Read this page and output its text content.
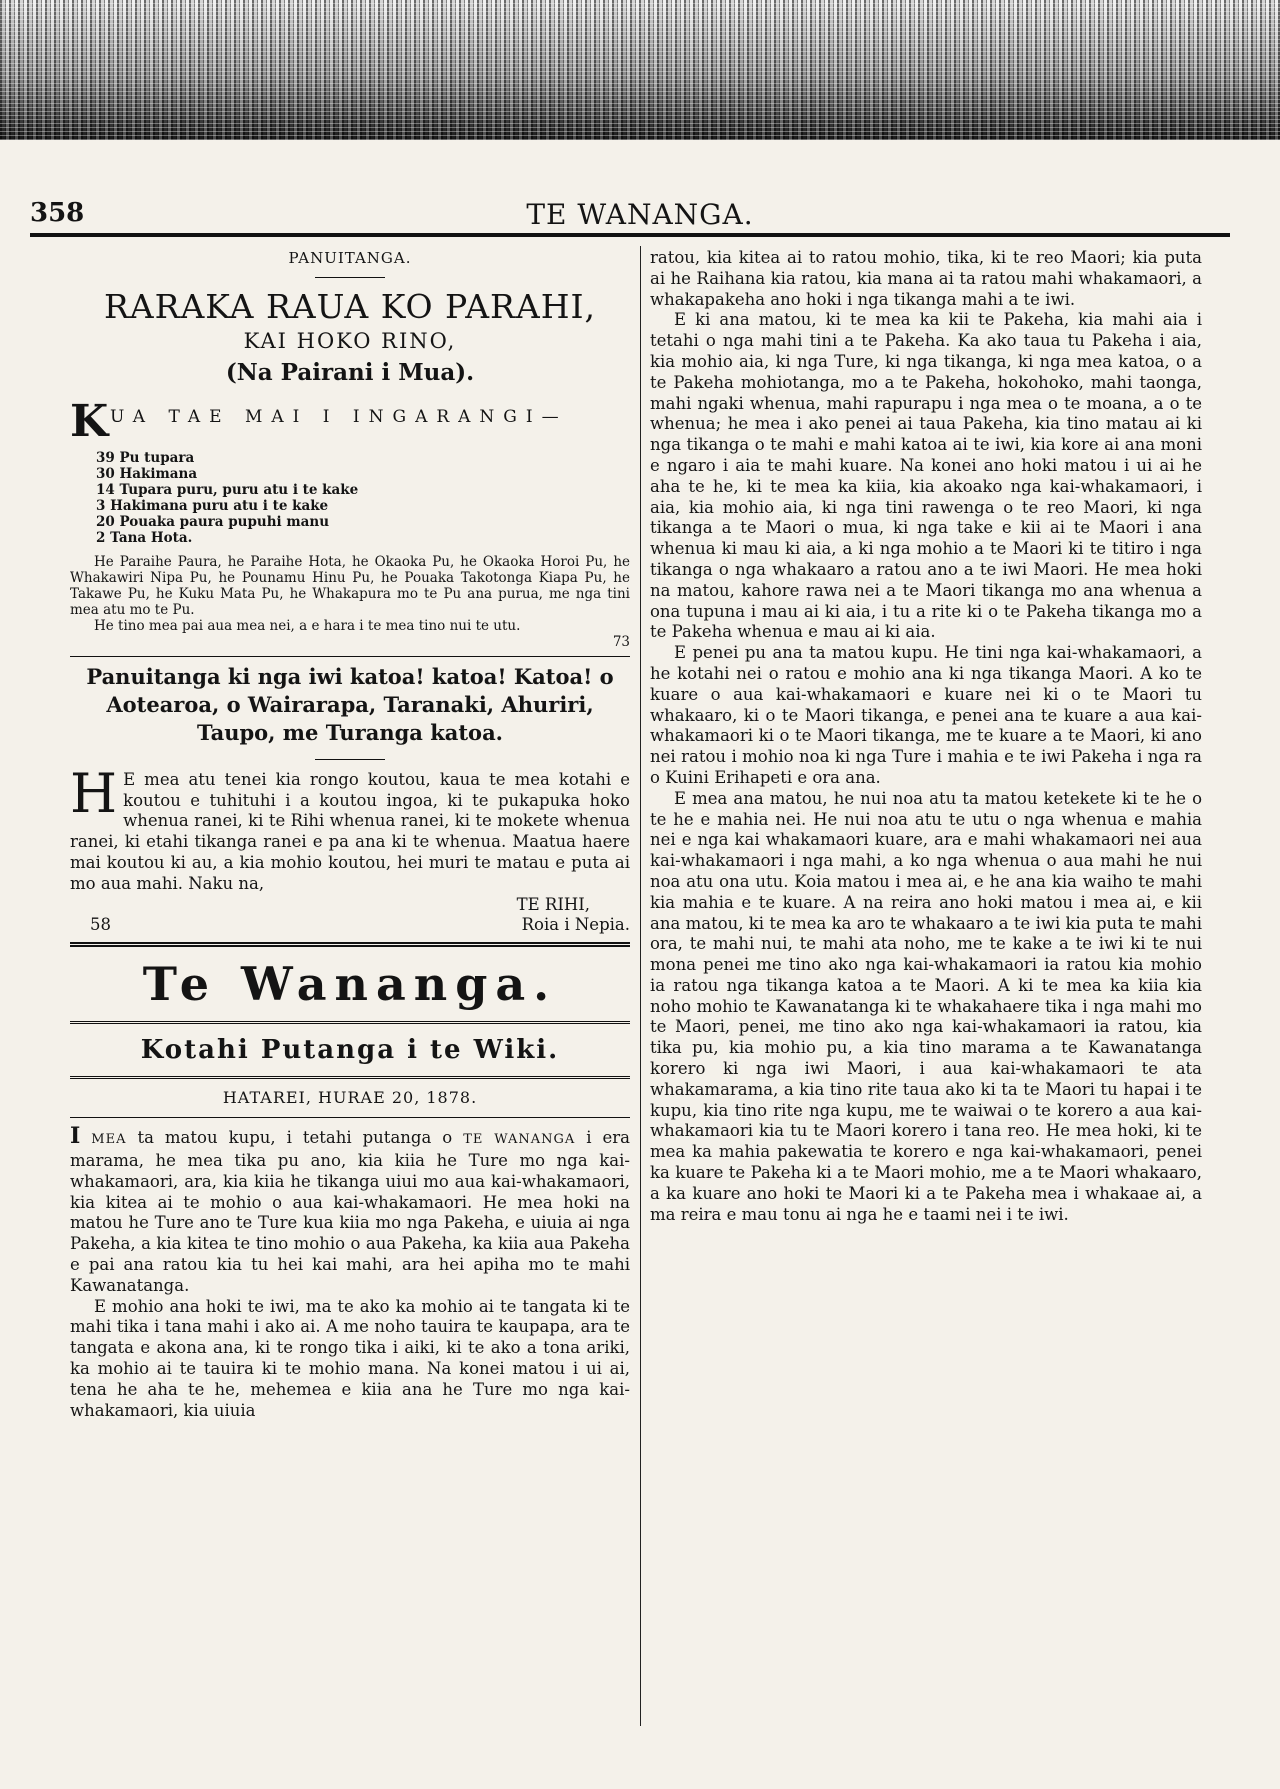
358	TE WANANGA.
PANUITANGA.
RARAKA RAUA KO PARAHI,
KAI HOKO RINO,
(Na Pairani i Mua).
K UA TAE MAI I INGARANGI—
39 Pu tupara
30 Hakimana
14 Tupara puru, puru atu i te kake
3 Hakimana puru atu i te kake
20 Pouaka paura pupuhi manu
2 Tana Hota.

He Paraihe Paura, he Paraihe Hota, he Okaoka Pu, he Okaoka Horoi Pu, he Whakawiri Nipa Pu, he Pounamu Hinu Pu, he Pouaka Takotonga Kiapa Pu, he Takawe Pu, he Kuku Mata Pu, he Whakapura mo te Pu ana purua, me nga tini mea atu mo te Pu.

He tino mea pai aua mea nei, a e hara i te mea tino nui te utu.

73
Panuitanga ki nga iwi katoa! katoa! Katoa! o Aotearoa, o Wairarapa, Taranaki, Ahuriri, Taupo, me Turanga katoa.
H E mea atu tenei kia rongo koutou, kaua te mea kotahi e koutou e tuhituhi i a koutou ingoa, ki te pukapuka hoko whenua ranei, ki te Rihi whenua ranei, ki te mokete whenua ranei, ki etahi tikanga ranei e pa ana ki te whenua. Maatua haere mai koutou ki au, a kia mohio koutou, hei muri te matau e puta ai mo aua mahi. Naku na,

TE RIHI,
58	Roia i Nepia.
Te Wananga.
Kotahi Putanga i te Wiki.
HATAREI, HURAE 20, 1878.

I MEA ta matou kupu, i tetahi putanga o TE WANANGA i era marama, he mea tika pu ano, kia kiia he Ture mo nga kai-whakamaori, ara, kia kiia he tikanga uiui mo aua kai-whakamaori, kia kitea ai te mohio o aua kai-whakamaori. He mea hoki na matou he Ture ano te Ture kua kiia mo nga Pakeha, e uiuia ai nga Pakeha, a kia kitea te tino mohio o aua Pakeha, ka kiia aua Pakeha e pai ana ratou kia tu hei kai mahi, ara hei apiha mo te mahi Kawanatanga.

E mohio ana hoki te iwi, ma te ako ka mohio ai te tangata ki te mahi tika i tana mahi i ako ai. A me noho tauira te kaupapa, ara te tangata e akona ana, ki te rongo tika i aiki, ki te ako a tona ariki, ka mohio ai te tauira ki te mohio mana. Na konei matou i ui ai, tena he aha te he, mehemea e kiia ana he Ture mo nga kai-whakamaori, kia uiuia

ratou, kia kitea ai to ratou mohio, tika, ki te reo Maori; kia puta ai he Raihana kia ratou, kia mana ai ta ratou mahi whakamaori, a whakapakeha ano hoki i nga tikanga mahi a te iwi.

E ki ana matou, ki te mea ka kii te Pakeha, kia mahi aia i tetahi o nga mahi tini a te Pakeha. Ka ako taua tu Pakeha i aia, kia mohio aia, ki nga Ture, ki nga tikanga, ki nga mea katoa, o a te Pakeha mohiotanga, mo a te Pakeha, hokohoko, mahi taonga, mahi ngaki whenua, mahi rapurapu i nga mea o te moana, a o te whenua; he mea i ako penei ai taua Pakeha, kia tino matau ai ki nga tikanga o te mahi e mahi katoa ai te iwi, kia kore ai ana moni e ngaro i aia te mahi kuare. Na konei ano hoki matou i ui ai he aha te he, ki te mea ka kiia, kia akoako nga kai-whakamaori, i aia, kia mohio aia, ki nga tini rawenga o te reo Maori, ki nga tikanga a te Maori o mua, ki nga take e kii ai te Maori i ana whenua ki mau ki aia, a ki nga mohio a te Maori ki te titiro i nga tikanga o nga whakaaro a ratou ano a te iwi Maori. He mea hoki na matou, kahore rawa nei a te Maori tikanga mo ana whenua a ona tupuna i mau ai ki aia, i tu a rite ki o te Pakeha tikanga mo a te Pakeha whenua e mau ai ki aia.

E penei pu ana ta matou kupu. He tini nga kai-whakamaori, a he kotahi nei o ratou e mohio ana ki nga tikanga Maori. A ko te kuare o aua kai-whakamaori e kuare nei ki o te Maori tu whakaaro, ki o te Maori tikanga, e penei ana te kuare a aua kai-whakamaori ki o te Maori tikanga, me te kuare a te Maori, ki ano nei ratou i mohio noa ki nga Ture i mahia e te iwi Pakeha i nga ra o Kuini Erihapeti e ora ana.

E mea ana matou, he nui noa atu ta matou ketekete ki te he o te he e mahia nei. He nui noa atu te utu o nga whenua e mahia nei e nga kai whakamaori kuare, ara e mahi whakamaori nei aua kai-whakamaori i nga mahi, a ko nga whenua o aua mahi he nui noa atu ona utu. Koia matou i mea ai, e he ana kia waiho te mahi kia mahia e te kuare. A na reira ano hoki matou i mea ai, e kii ana matou, ki te mea ka aro te whakaaro a te iwi kia puta te mahi ora, te mahi nui, te mahi ata noho, me te kake a te iwi ki te nui mona penei me tino ako nga kai-whakamaori ia ratou kia mohio ia ratou nga tikanga katoa a te Maori. A ki te mea ka kiia kia noho mohio te Kawanatanga ki te whakahaere tika i nga mahi mo te Maori, penei, me tino ako nga kai-whakamaori ia ratou, kia tika pu, kia mohio pu, a kia tino marama a te Kawanatanga korero ki nga iwi Maori, i aua kai-whakamaori te ata whakamarama, a kia tino rite taua ako ki ta te Maori tu hapai i te kupu, kia tino rite nga kupu, me te waiwai o te korero a aua kai-whakamaori kia tu te Maori korero i tana reo. He mea hoki, ki te mea ka mahia pakewatia te korero e nga kai-whakamaori, penei ka kuare te Pakeha ki a te Maori mohio, me a te Maori whakaaro, a ka kuare ano hoki te Maori ki a te Pakeha mea i whakaae ai, a ma reira e mau tonu ai nga he e taami nei i te iwi.
